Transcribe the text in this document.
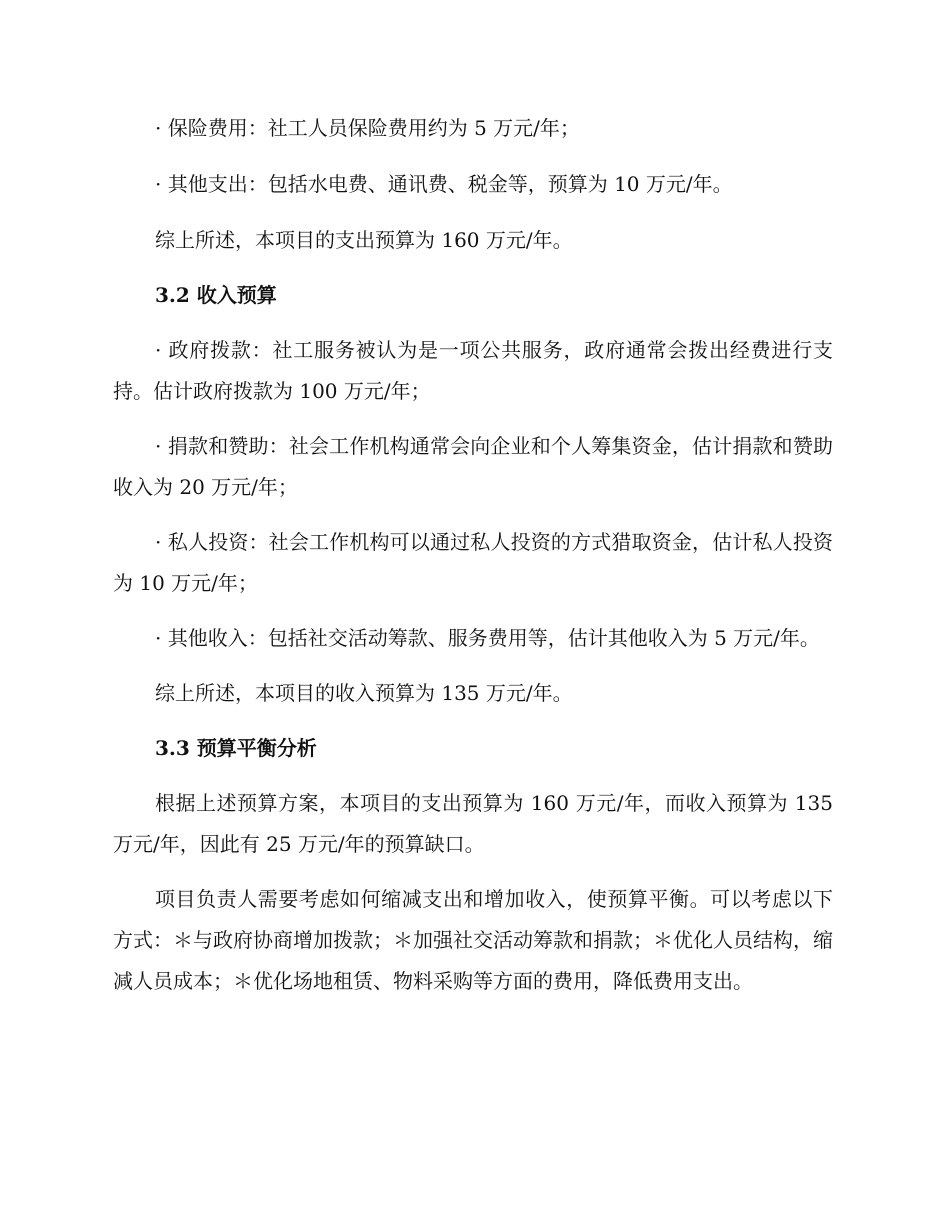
· 保险费用：社工人员保险费用约为 5 万元/年；

· 其他支出：包括水电费、通讯费、税金等，预算为 10 万元/年。

综上所述，本项目的支出预算为 160 万元/年。

3.2 收入预算

· 政府拨款：社工服务被认为是一项公共服务，政府通常会拨出经费进行支持。估计政府拨款为 100 万元/年；

· 捐款和赞助：社会工作机构通常会向企业和个人筹集资金，估计捐款和赞助收入为 20 万元/年；

· 私人投资：社会工作机构可以通过私人投资的方式猎取资金，估计私人投资为 10 万元/年；

· 其他收入：包括社交活动筹款、服务费用等，估计其他收入为 5 万元/年。

综上所述，本项目的收入预算为 135 万元/年。

3.3 预算平衡分析

根据上述预算方案，本项目的支出预算为 160 万元/年，而收入预算为 135 万元/年，因此有 25 万元/年的预算缺口。

项目负责人需要考虑如何缩减支出和增加收入，使预算平衡。可以考虑以下方式：＊与政府协商增加拨款；＊加强社交活动筹款和捐款；＊优化人员结构，缩减人员成本；＊优化场地租赁、物料采购等方面的费用，降低费用支出。
